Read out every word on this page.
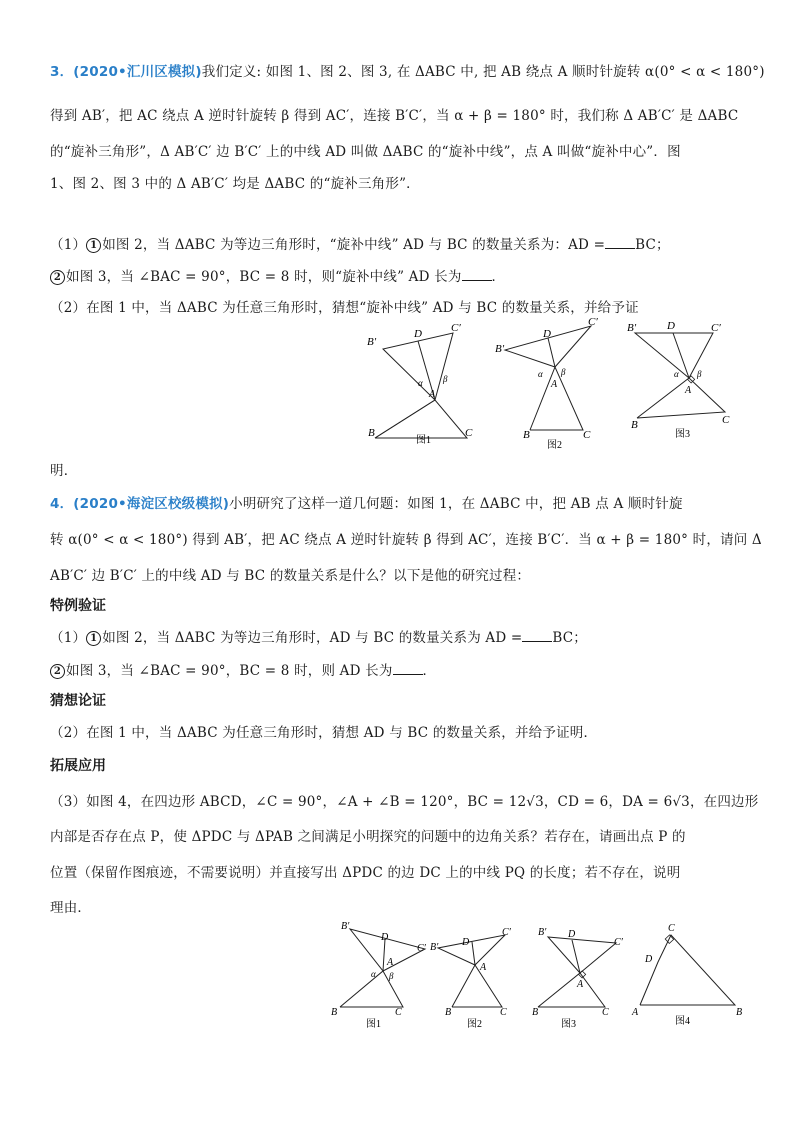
3．(2020•汇川区模拟)我们定义: 如图 1、图 2、图 3, 在 ΔABC 中, 把 AB 绕点 A 顺时针旋转 α(0° < α < 180°)
得到 AB′，把 AC 绕点 A 逆时针旋转 β 得到 AC′，连接 B′C′，当 α + β = 180° 时，我们称 Δ AB′C′ 是 ΔABC
的“旋补三角形”，Δ AB′C′ 边 B′C′ 上的中线 AD 叫做 ΔABC 的“旋补中线”，点 A 叫做“旋补中心”．图
1、图 2、图 3 中的 Δ AB′C′ 均是 ΔABC 的“旋补三角形”．
（1） 1 如图 2，当 ΔABC 为等边三角形时，“旋补中线” AD 与 BC 的数量关系为：AD = BC；
2 如图 3，当 ∠BAC = 90°，BC = 8 时，则“旋补中线” AD 长为 ．
（2）在图 1 中，当 ΔABC 为任意三角形时，猜想“旋补中线” AD 与 BC 的数量关系，并给予证
B′
C′
D
A
α β
B	C
图1
B′
C′
D
A
α β
B	C
图2
B′	C′
D
A
α β
B	C
图3
明．
4．(2020•海淀区校级模拟)小明研究了这样一道几何题：如图 1，在 ΔABC 中，把 AB 点 A 顺时针旋
转 α(0° < α < 180°) 得到 AB′，把 AC 绕点 A 逆时针旋转 β 得到 AC′，连接 B′C′．当 α + β = 180° 时，请问 Δ
AB′C′ 边 B′C′ 上的中线 AD 与 BC 的数量关系是什么？以下是他的研究过程：
特例验证
（1） 1 如图 2，当 ΔABC 为等边三角形时，AD 与 BC 的数量关系为 AD = BC；
2 如图 3，当 ∠BAC = 90°，BC = 8 时，则 AD 长为 ．
猜想论证
（2）在图 1 中，当 ΔABC 为任意三角形时，猜想 AD 与 BC 的数量关系，并给予证明．
拓展应用
（3）如图 4，在四边形 ABCD，∠C = 90°，∠A + ∠B = 120°，BC = 12√3，CD = 6，DA = 6√3，在四边形
内部是否存在点 P，使 ΔPDC 与 ΔPAB 之间满足小明探究的问题中的边角关系？若存在，请画出点 P 的
位置（保留作图痕迹，不需要说明）并直接写出 ΔPDC 的边 DC 上的中线 PQ 的长度；若不存在，说明
理由．
B′
C′
D
A
α β
B	C
图1
B′
C′
D
A
B	C
图2
B′
C′
D
A
B	C
图3
C
D
A	B
图4
